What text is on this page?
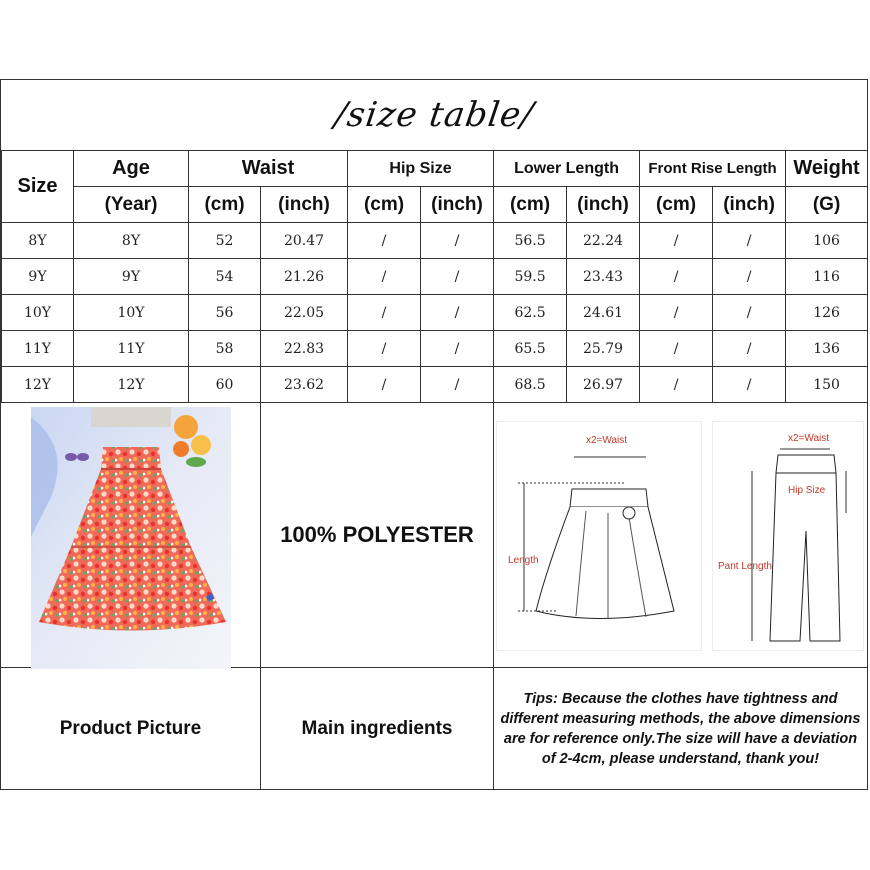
/size table/
Size	Age	Waist		Hip Size		Lower Length		Front Rise Length		Weight
	(Year)	(cm)	(inch)	(cm)	(inch)	(cm)	(inch)	(cm)	(inch)	(G)
8Y	8Y	52	20.47	/	/	56.5	22.24	/	/	106
9Y	9Y	54	21.26	/	/	59.5	23.43	/	/	116
10Y	10Y	56	22.05	/	/	62.5	24.61	/	/	126
11Y	11Y	58	22.83	/	/	65.5	25.79	/	/	136
12Y	12Y	60	23.62	/	/	68.5	26.97	/	/	150
100% POLYESTER
x2=Waist
Length
x2=Waist
Hip Size
Pant Length
Product Picture	Main ingredients

Tips: Because the clothes have tightness and different measuring methods, the above dimensions are for reference only.The size will have a deviation of 2-4cm, please understand, thank you!
